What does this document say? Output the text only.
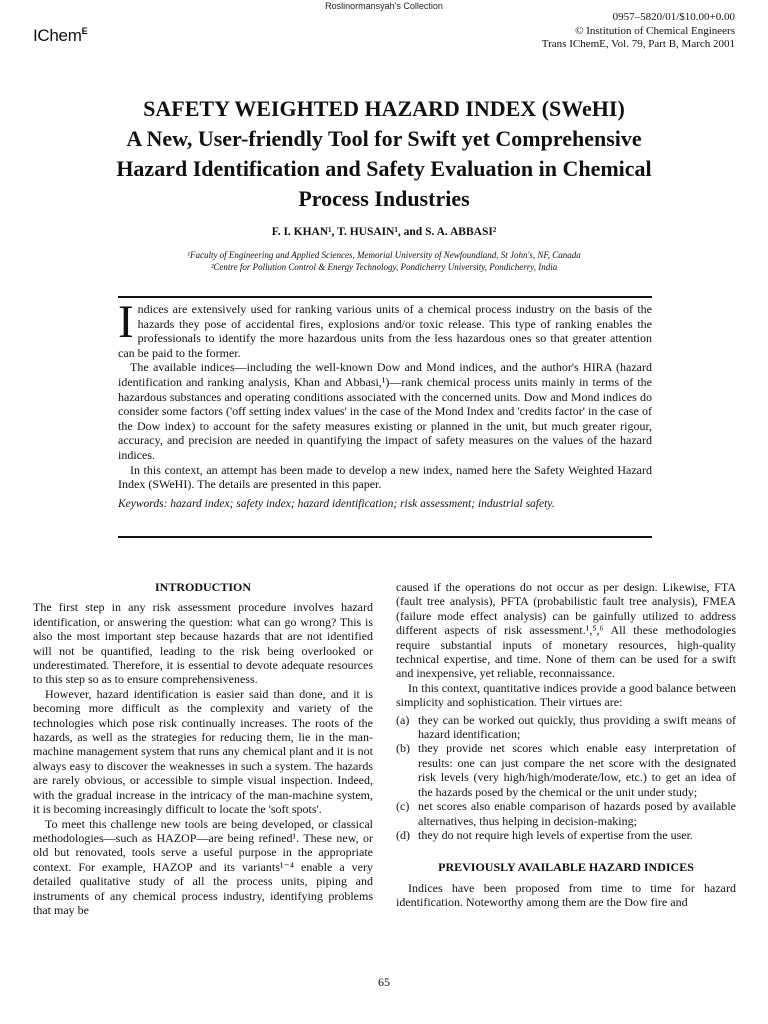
Roslinormansyah's Collection
IChem$^E$
0957–5820/01/$10.00+0.00
© Institution of Chemical Engineers
Trans IChemE, Vol. 79, Part B, March 2001
SAFETY WEIGHTED HAZARD INDEX (SWeHI)
A New, User-friendly Tool for Swift yet Comprehensive
Hazard Identification and Safety Evaluation in Chemical
Process Industries
F. I. KHAN¹, T. HUSAIN¹, and S. A. ABBASI²
¹Faculty of Engineering and Applied Sciences, Memorial University of Newfoundland, St John's, NF, Canada
²Centre for Pollution Control & Energy Technology, Pondicherry University, Pondicherry, India

Indices are extensively used for ranking various units of a chemical process industry on the basis of the hazards they pose of accidental fires, explosions and/or toxic release. This type of ranking enables the professionals to identify the more hazardous units from the less hazardous ones so that greater attention can be paid to the former.

The available indices—including the well-known Dow and Mond indices, and the author's HIRA (hazard identification and ranking analysis, Khan and Abbasi,¹)—rank chemical process units mainly in terms of the hazardous substances and operating conditions associated with the concerned units. Dow and Mond indices do consider some factors ('off setting index values' in the case of the Mond Index and 'credits factor' in the case of the Dow index) to account for the safety measures existing or planned in the unit, but much greater rigour, accuracy, and precision are needed in quantifying the impact of safety measures on the values of the hazard indices.

In this context, an attempt has been made to develop a new index, named here the Safety Weighted Hazard Index (SWeHI). The details are presented in this paper.

Keywords: hazard index; safety index; hazard identification; risk assessment; industrial safety.

INTRODUCTION

The first step in any risk assessment procedure involves hazard identification, or answering the question: what can go wrong? This is also the most important step because hazards that are not identified will not be quantified, leading to the risk being overlooked or underestimated. Therefore, it is essential to devote adequate resources to this step so as to ensure comprehensiveness.

However, hazard identification is easier said than done, and it is becoming more difficult as the complexity and variety of the technologies which pose risk continually increases. The roots of the hazards, as well as the strategies for reducing them, lie in the man-machine management system that runs any chemical plant and it is not always easy to discover the weaknesses in such a system. The hazards are rarely obvious, or accessible to simple visual inspection. Indeed, with the gradual increase in the intricacy of the man-machine system, it is becoming increasingly difficult to locate the 'soft spots'.

To meet this challenge new tools are being developed, or classical methodologies—such as HAZOP—are being refined¹. These new, or old but renovated, tools serve a useful purpose in the appropriate context. For example, HAZOP and its variants¹⁻⁴ enable a very detailed qualitative study of all the process units, piping and instruments of any chemical process industry, identifying problems that may be

caused if the operations do not occur as per design. Likewise, FTA (fault tree analysis), PFTA (probabilistic fault tree analysis), FMEA (failure mode effect analysis) can be gainfully utilized to address different aspects of risk assessment.¹,⁵,⁶ All these methodologies require substantial inputs of monetary resources, high-quality technical expertise, and time. None of them can be used for a swift and inexpensive, yet reliable, reconnaissance.

In this context, quantitative indices provide a good balance between simplicity and sophistication. Their virtues are:

(a) they can be worked out quickly, thus providing a swift means of hazard identification;
(b) they provide net scores which enable easy interpretation of results: one can just compare the net score with the designated risk levels (very high/high/moderate/low, etc.) to get an idea of the hazards posed by the chemical or the unit under study;
(c) net scores also enable comparison of hazards posed by available alternatives, thus helping in decision-making;
(d) they do not require high levels of expertise from the user.
PREVIOUSLY AVAILABLE HAZARD INDICES

Indices have been proposed from time to time for hazard identification. Noteworthy among them are the Dow fire and

65
